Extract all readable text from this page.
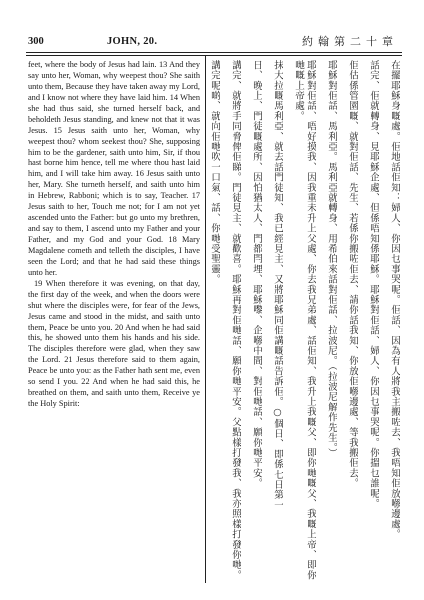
300	JOHN, 20.	約翰第二十章

feet, where the body of Jesus had lain. 13 And they say unto her, Woman, why weepest thou? She saith unto them, Because they have taken away my Lord, and I know not where they have laid him. 14 When she had thus said, she turned herself back, and beholdeth Jesus standing, and knew not that it was Jesus. 15 Jesus saith unto her, Woman, why weepest thou? whom seekest thou? She, supposing him to be the gardener, saith unto him, Sir, if thou hast borne him hence, tell me where thou hast laid him, and I will take him away. 16 Jesus saith unto her, Mary. She turneth herself, and saith unto him in Hebrew, Rabboni; which is to say, Teacher. 17 Jesus saith to her, Touch me not; for I am not yet ascended unto the Father: but go unto my brethren, and say to them, I ascend unto my Father and your Father, and my God and your God. 18 Mary Magdalene cometh and telleth the disciples, I have seen the Lord; and that he had said these things unto her.

19 When therefore it was evening, on that day, the first day of the week, and when the doors were shut where the disciples were, for fear of the Jews, Jesus came and stood in the midst, and saith unto them, Peace be unto you. 20 And when he had said this, he showed unto them his hands and his side. The disciples therefore were glad, when they saw the Lord. 21 Jesus therefore said to them again, Peace be unto you: as the Father hath sent me, even so send I you. 22 And when he had said this, he breathed on them, and saith unto them, Receive ye the Holy Spirit:	在擺耶穌身嘅處。佢地話佢知：婦人、你因乜事哭呢。佢話、因為有人將我主搬咗去、我唔知佢放喺邊處。
話完、佢就轉身、見耶穌企處、但係唔知係耶穌。耶穌對佢話、婦人、你因乜事哭呢。你搵乜誰呢。
佢估係管園嘅、就對佢話、先生、若係你搬咗佢去、請你話我知、你放佢喺邊處、等我搬佢去。
耶穌對佢話、馬利亞。馬利亞就轉身、用希伯來話對佢話、拉波尼。（拉波尼解作先生。）
耶穌對佢話、唔好摸我、因我重未升上父處、你去我兄弟處、話佢知、我升上我嘅父、即你哋嘅父、我嘅上帝、即你哋嘅上帝處。
抹大拉嘅馬利亞、就去話門徒知、我已經見主、又將耶穌同佢講嘅話告訴佢。○個日、即係七日第一
日、晚上、門徒嘅處所、因怕猶太人、門都閂埋、耶穌嚟、企喺中間、對佢哋話、願你哋平安。
講完、就將手同脅俾佢睇。門徒見主、就歡喜。耶穌再對佢哋話、願你哋平安。父點樣打發我、我亦照樣打發你哋。
講完呢啲、就向佢哋吹一口氣、話、你哋受聖靈。
